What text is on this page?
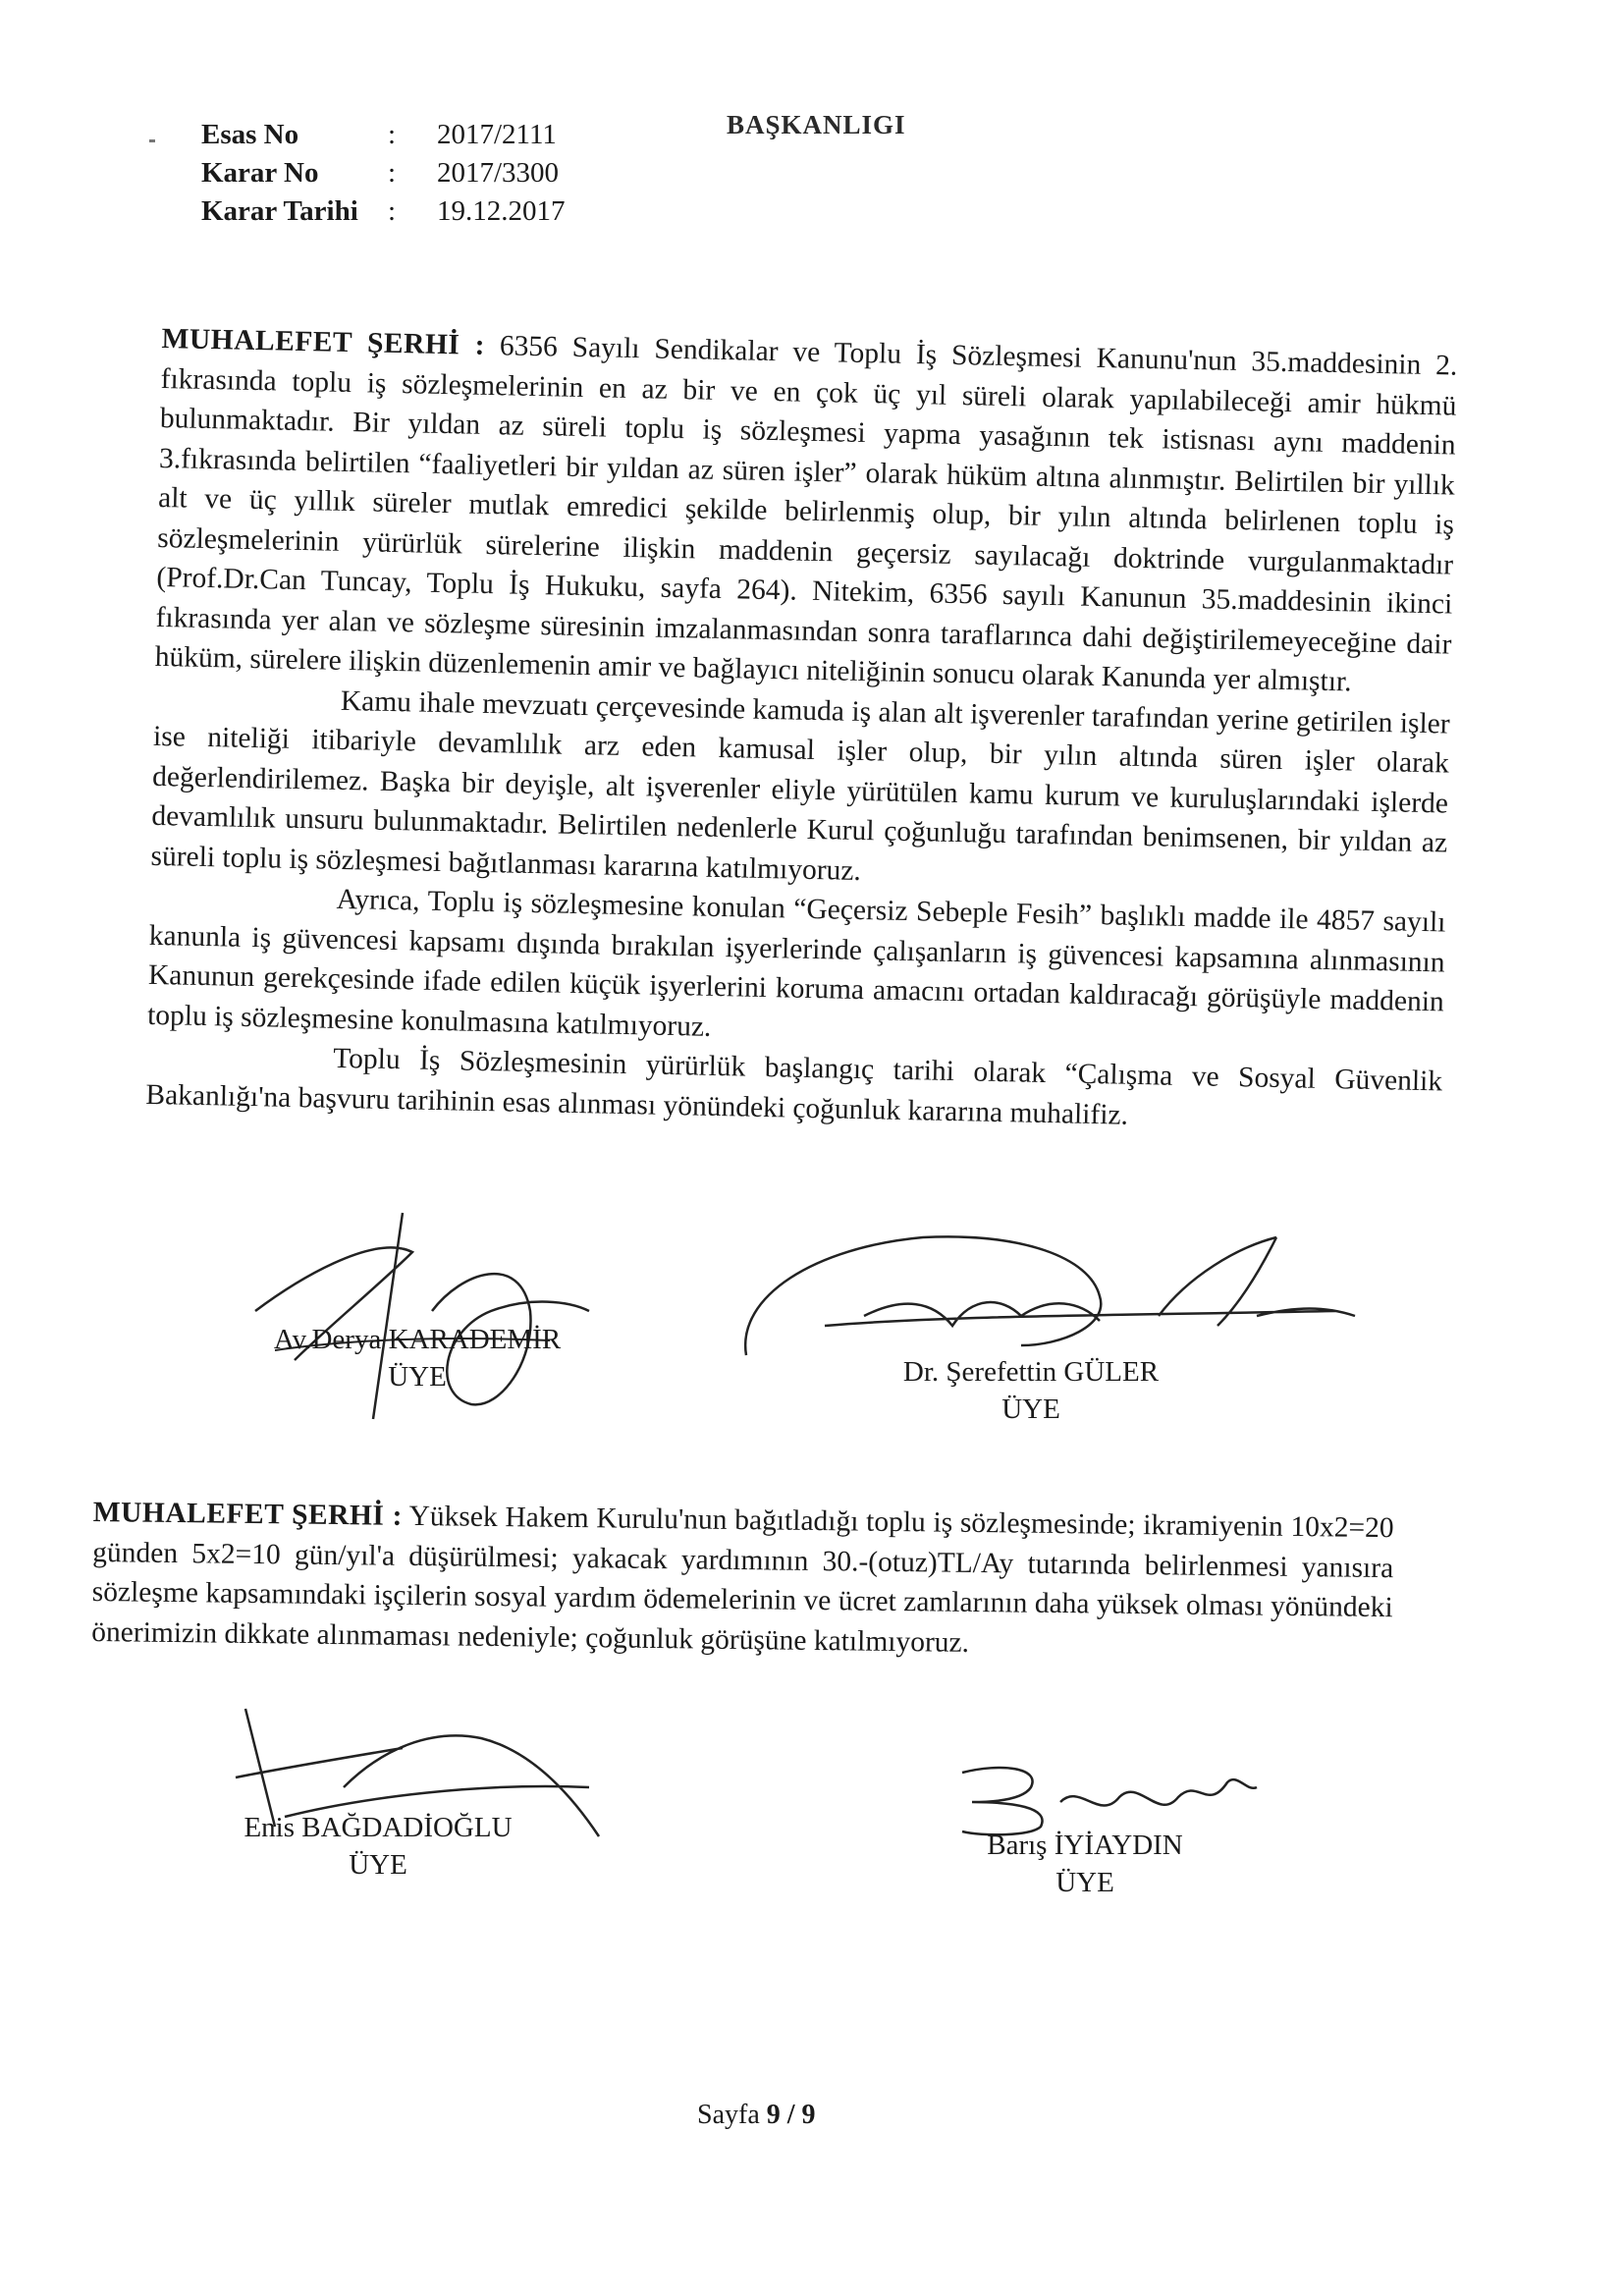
BAŞKANLIGI
Esas No	:	2017/2111
Karar No	:	2017/3300
Karar Tarihi	:	19.12.2017

MUHALEFET ŞERHİ : 6356 Sayılı Sendikalar ve Toplu İş Sözleşmesi Kanunu'nun 35.maddesinin 2. fıkrasında toplu iş sözleşmelerinin en az bir ve en çok üç yıl süreli olarak yapılabileceği amir hükmü bulunmaktadır. Bir yıldan az süreli toplu iş sözleşmesi yapma yasağının tek istisnası aynı maddenin 3.fıkrasında belirtilen “faaliyetleri bir yıldan az süren işler” olarak hüküm altına alınmıştır. Belirtilen bir yıllık alt ve üç yıllık süreler mutlak emredici şekilde belirlenmiş olup, bir yılın altında belirlenen toplu iş sözleşmelerinin yürürlük sürelerine ilişkin maddenin geçersiz sayılacağı doktrinde vurgulanmaktadır (Prof.Dr.Can Tuncay, Toplu İş Hukuku, sayfa 264). Nitekim, 6356 sayılı Kanunun 35.maddesinin ikinci fıkrasında yer alan ve sözleşme süresinin imzalanmasından sonra taraflarınca dahi değiştirilemeyeceğine dair hüküm, sürelere ilişkin düzenlemenin amir ve bağlayıcı niteliğinin sonucu olarak Kanunda yer almıştır.

Kamu ihale mevzuatı çerçevesinde kamuda iş alan alt işverenler tarafından yerine getirilen işler ise niteliği itibariyle devamlılık arz eden kamusal işler olup, bir yılın altında süren işler olarak değerlendirilemez. Başka bir deyişle, alt işverenler eliyle yürütülen kamu kurum ve kuruluşlarındaki işlerde devamlılık unsuru bulunmaktadır. Belirtilen nedenlerle Kurul çoğunluğu tarafından benimsenen, bir yıldan az süreli toplu iş sözleşmesi bağıtlanması kararına katılmıyoruz.

Ayrıca, Toplu iş sözleşmesine konulan “Geçersiz Sebeple Fesih” başlıklı madde ile 4857 sayılı kanunla iş güvencesi kapsamı dışında bırakılan işyerlerinde çalışanların iş güvencesi kapsamına alınmasının Kanunun gerekçesinde ifade edilen küçük işyerlerini koruma amacını ortadan kaldıracağı görüşüyle maddenin toplu iş sözleşmesine konulmasına katılmıyoruz.

Toplu İş Sözleşmesinin yürürlük başlangıç tarihi olarak “Çalışma ve Sosyal Güvenlik Bakanlığı'na başvuru tarihinin esas alınması yönündeki çoğunluk kararına muhalifiz.

Av.Derya KARADEMİR
ÜYE	Dr. Şerefettin GÜLER
ÜYE

MUHALEFET ŞERHİ : Yüksek Hakem Kurulu'nun bağıtladığı toplu iş sözleşmesinde; ikramiyenin 10x2=20 günden 5x2=10 gün/yıl'a düşürülmesi; yakacak yardımının 30.-(otuz)TL/Ay tutarında belirlenmesi yanısıra sözleşme kapsamındaki işçilerin sosyal yardım ödemelerinin ve ücret zamlarının daha yüksek olması yönündeki önerimizin dikkate alınmaması nedeniyle; çoğunluk görüşüne katılmıyoruz.

Enis BAĞDADİOĞLU
ÜYE
Barış İYİAYDIN
ÜYE
Sayfa 9 / 9
